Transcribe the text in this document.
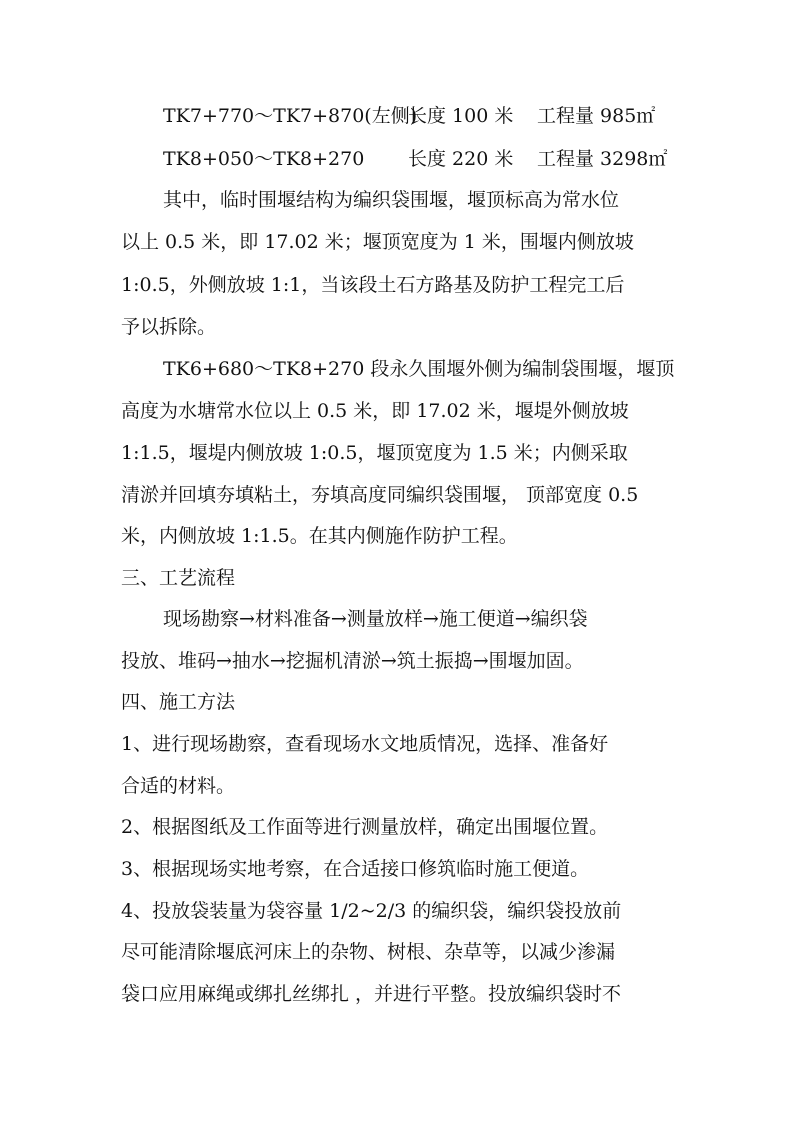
TK7+770～TK7+870(左侧)
长度 100 米 工程量 985㎡
TK8+050～TK8+270 长度 220 米 工程量 3298㎡
其中，临时围堰结构为编织袋围堰，堰顶标高为常水位
以上 0.5 米，即 17.02 米；堰顶宽度为 1 米，围堰内侧放坡
1:0.5，外侧放坡 1:1，当该段土石方路基及防护工程完工后
予以拆除。
TK6+680～TK8+270 段永久围堰外侧为编制袋围堰，堰顶
高度为水塘常水位以上 0.5 米，即 17.02 米，堰堤外侧放坡
1:1.5，堰堤内侧放坡 1:0.5，堰顶宽度为 1.5 米；内侧采取
清淤并回填夯填粘土，夯填高度同编织袋围堰， 顶部宽度 0.5
米，内侧放坡 1:1.5。在其内侧施作防护工程。
三、工艺流程
现场勘察→材料准备→测量放样→施工便道→编织袋
投放、堆码→抽水→挖掘机清淤→筑土振捣→围堰加固。
四、施工方法
1、进行现场勘察，查看现场水文地质情况，选择、准备好
合适的材料。
2、根据图纸及工作面等进行测量放样，确定出围堰位置。
3、根据现场实地考察，在合适接口修筑临时施工便道。
4、投放袋装量为袋容量 1/2~2/3 的编织袋，编织袋投放前
尽可能清除堰底河床上的杂物、树根、杂草等，以减少渗漏
袋口应用麻绳或绑扎丝绑扎 ，并进行平整。投放编织袋时不
